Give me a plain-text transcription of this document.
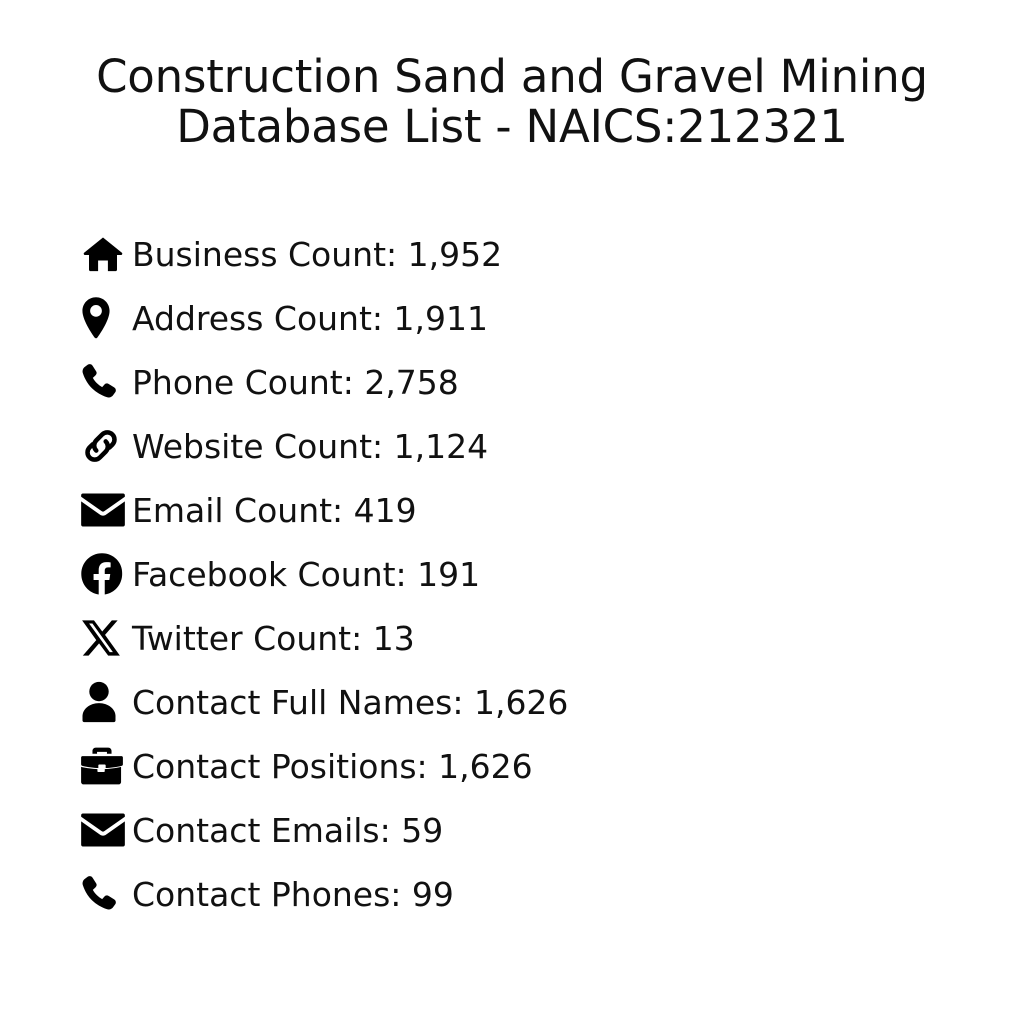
Construction Sand and Gravel Mining Database List - NAICS:212321
Business Count: 1,952
Address Count: 1,911
Phone Count: 2,758
Website Count: 1,124
Email Count: 419
Facebook Count: 191
Twitter Count: 13
Contact Full Names: 1,626
Contact Positions: 1,626
Contact Emails: 59
Contact Phones: 99
